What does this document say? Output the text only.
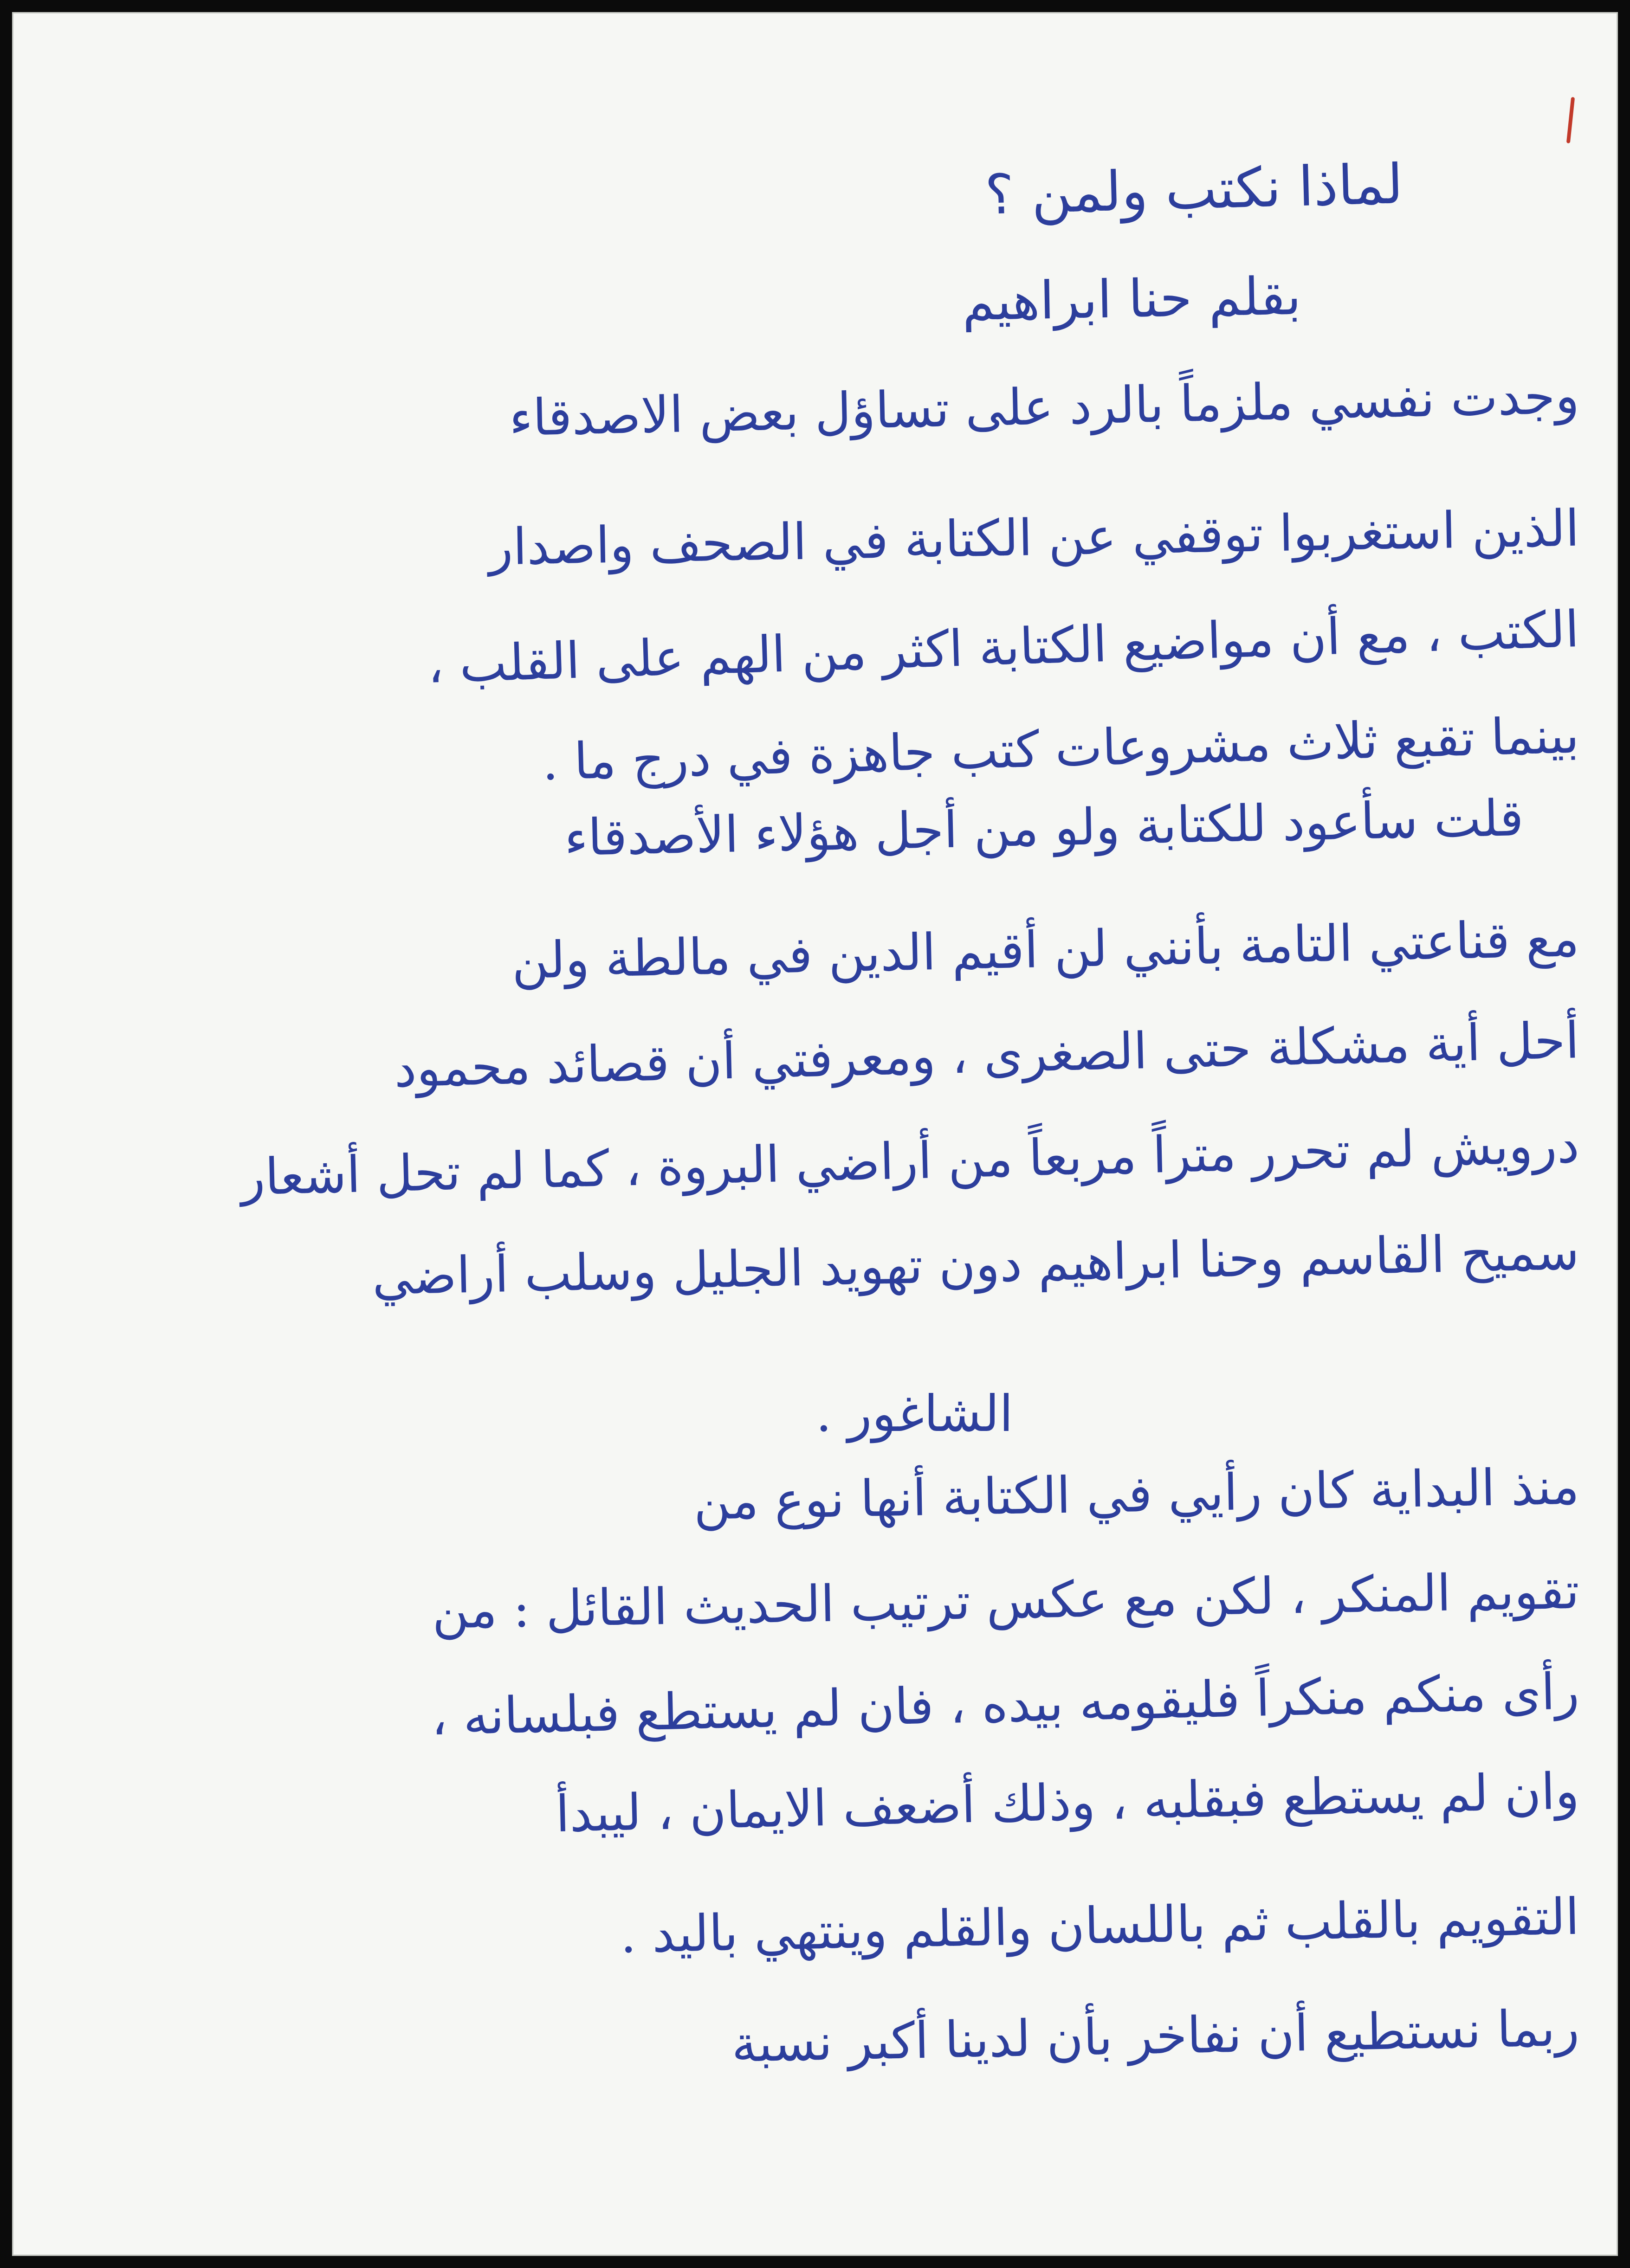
لماذا نكتب ولمن ؟
بقلم حنا ابراهيم
وجدت نفسي ملزماً بالرد على تساؤل بعض الاصدقاء
الذين استغربوا توقفي عن الكتابة في الصحف واصدار
الكتب ، مع أن مواضيع الكتابة اكثر من الهم على القلب ،
بينما تقبع ثلاث مشروعات كتب جاهزة في درج ما .
قلت سأعود للكتابة ولو من أجل هؤلاء الأصدقاء
مع قناعتي التامة بأنني لن أقيم الدين في مالطة ولن
أحل أية مشكلة حتى الصغرى ، ومعرفتي أن قصائد محمود
درويش لم تحرر متراً مربعاً من أراضي البروة ، كما لم تحل أشعار
سميح القاسم وحنا ابراهيم دون تهويد الجليل وسلب أراضي
الشاغور .
منذ البداية كان رأيي في الكتابة أنها نوع من
تقويم المنكر ، لكن مع عكس ترتيب الحديث القائل : من
رأى منكم منكراً فليقومه بيده ، فان لم يستطع فبلسانه ،
وان لم يستطع فبقلبه ، وذلك أضعف الايمان ، ليبدأ
التقويم بالقلب ثم باللسان والقلم وينتهي باليد .
ربما نستطيع أن نفاخر بأن لدينا أكبر نسبة
